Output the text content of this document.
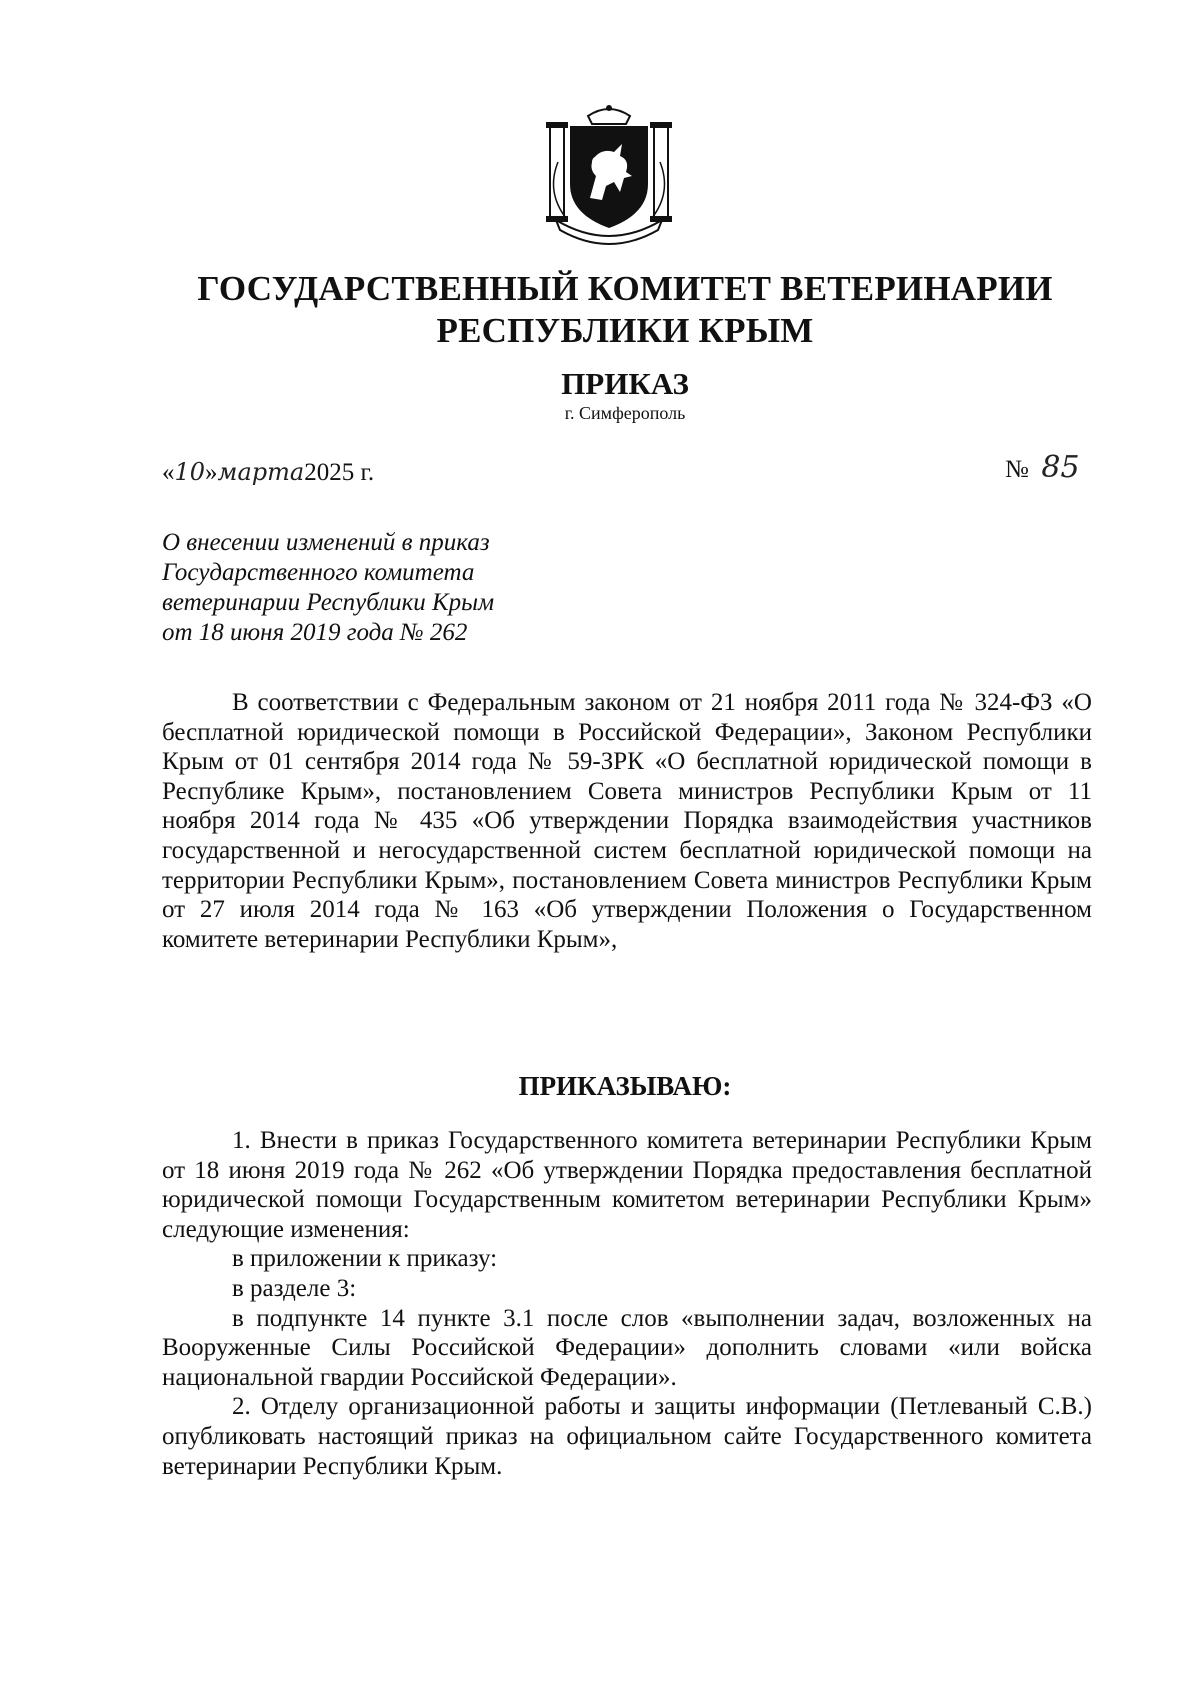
ГОСУДАРСТВЕННЫЙ КОМИТЕТ ВЕТЕРИНАРИИ
РЕСПУБЛИКИ КРЫМ
ПРИКАЗ
г. Симферополь
«10»марта2025 г.	№ 85
О внесении изменений в приказ
Государственного комитета
ветеринарии Республики Крым
от 18 июня 2019 года № 262

В соответствии с Федеральным законом от 21 ноября 2011 года № 324-ФЗ «О бесплатной юридической помощи в Российской Федерации», Законом Республики Крым от 01 сентября 2014 года № 59-ЗРК «О бесплатной юридической помощи в Республике Крым», постановлением Совета министров Республики Крым от 11 ноября 2014 года № 435 «Об утверждении Порядка взаимодействия участников государственной и негосударственной систем бесплатной юридической помощи на территории Республики Крым», постановлением Совета министров Республики Крым от 27 июля 2014 года № 163 «Об утверждении Положения о Государственном комитете ветеринарии Республики Крым»,

ПРИКАЗЫВАЮ:

1. Внести в приказ Государственного комитета ветеринарии Республики Крым от 18 июня 2019 года № 262 «Об утверждении Порядка предоставления бесплатной юридической помощи Государственным комитетом ветеринарии Республики Крым» следующие изменения:

в приложении к приказу:

в разделе 3:

в подпункте 14 пункте 3.1 после слов «выполнении задач, возложенных на Вооруженные Силы Российской Федерации» дополнить словами «или войска национальной гвардии Российской Федерации».

2. Отделу организационной работы и защиты информации (Петлеваный С.В.) опубликовать настоящий приказ на официальном сайте Государственного комитета ветеринарии Республики Крым.
